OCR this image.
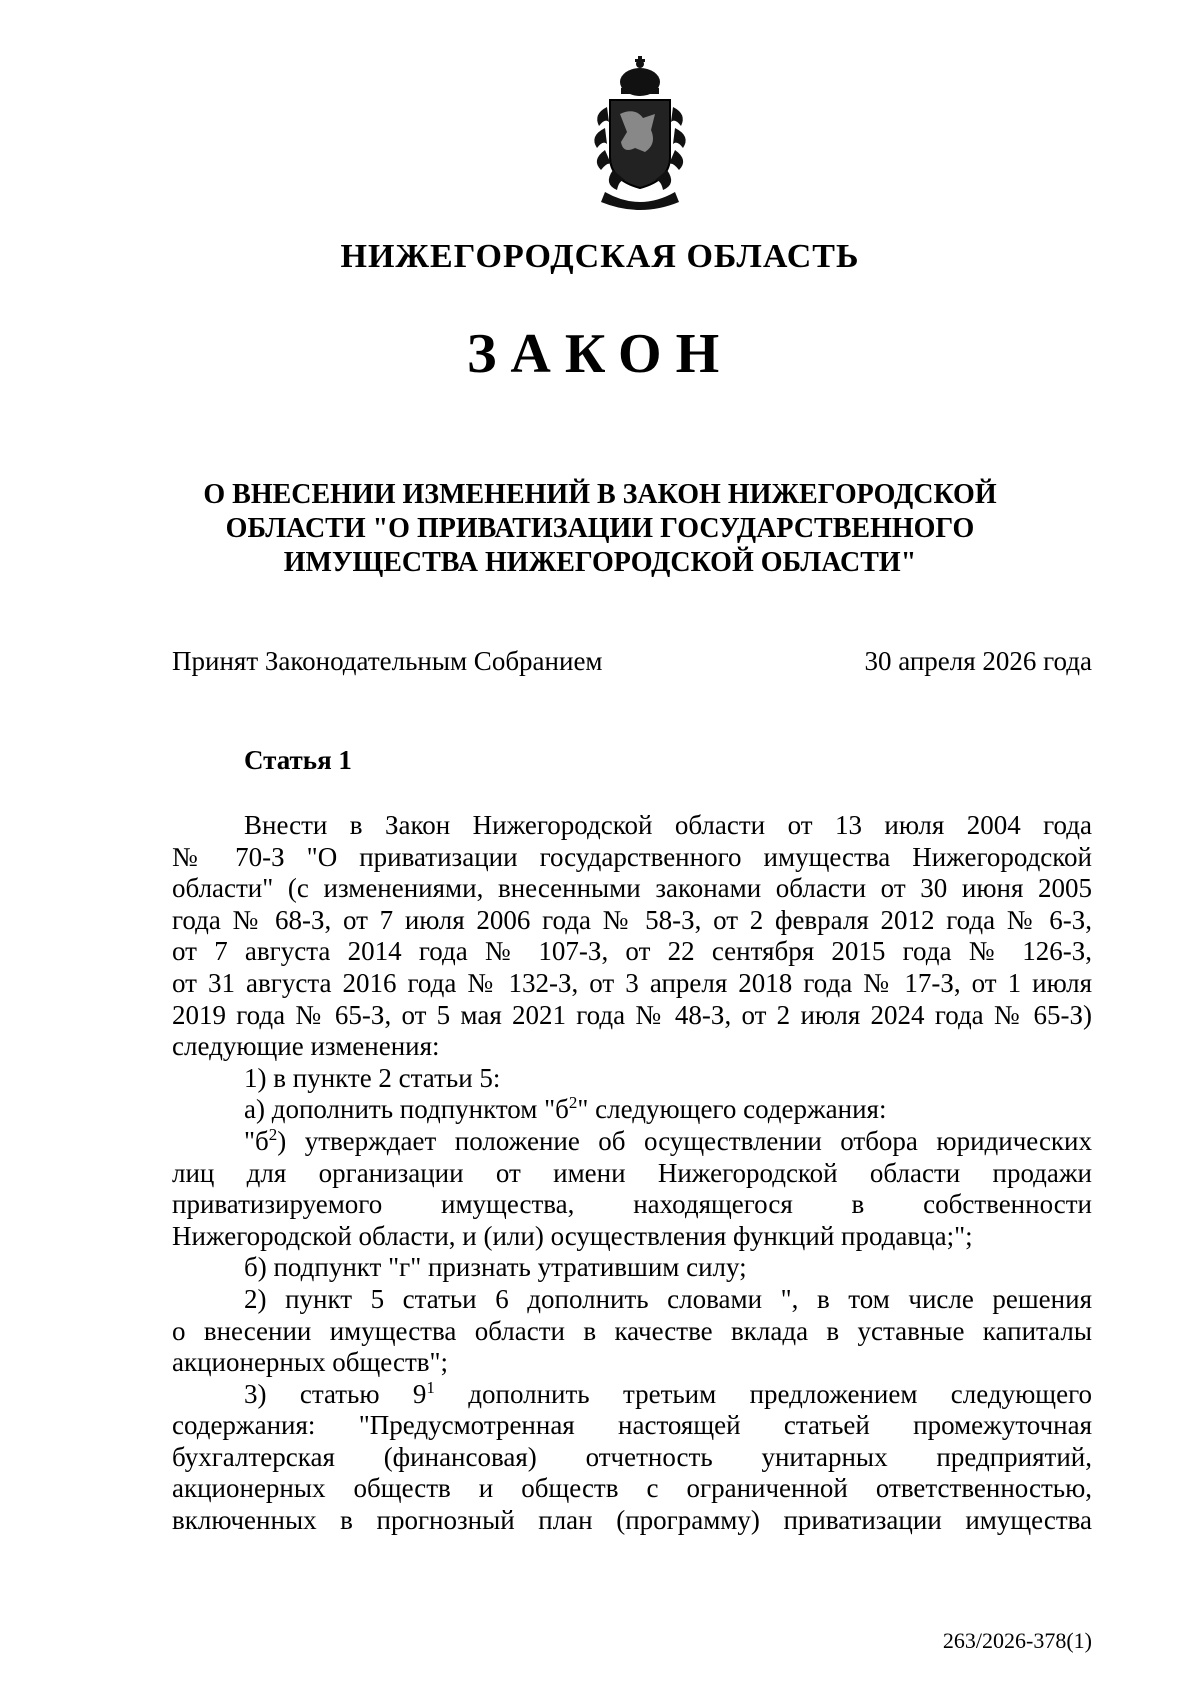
НИЖЕГОРОДСКАЯ ОБЛАСТЬ
ЗАКОН
О ВНЕСЕНИИ ИЗМЕНЕНИЙ В ЗАКОН НИЖЕГОРОДСКОЙ
ОБЛАСТИ "О ПРИВАТИЗАЦИИ ГОСУДАРСТВЕННОГО
ИМУЩЕСТВА НИЖЕГОРОДСКОЙ ОБЛАСТИ"
Принят Законодательным Собранием	30 апреля 2026 года
Статья 1
Внести в Закон Нижегородской области от 13 июля 2004 года
№ 70-З "О приватизации государственного имущества Нижегородской
области" (с изменениями, внесенными законами области от 30 июня 2005
года № 68-З, от 7 июля 2006 года № 58-З, от 2 февраля 2012 года № 6-З,
от 7 августа 2014 года № 107-З, от 22 сентября 2015 года № 126-З,
от 31 августа 2016 года № 132-З, от 3 апреля 2018 года № 17-З, от 1 июля
2019 года № 65-З, от 5 мая 2021 года № 48-З, от 2 июля 2024 года № 65-З)
следующие изменения:
1) в пункте 2 статьи 5:
а) дополнить подпунктом "$б^2$" следующего содержания:
"$б^2$) утверждает положение об осуществлении отбора юридических
лиц для организации от имени Нижегородской области продажи
приватизируемого имущества, находящегося в собственности
Нижегородской области, и (или) осуществления функций продавца;";
б) подпункт "г" признать утратившим силу;
2) пункт 5 статьи 6 дополнить словами ", в том числе решения
о внесении имущества области в качестве вклада в уставные капиталы
акционерных обществ";
3) статью $9^1$ дополнить третьим предложением следующего
содержания: "Предусмотренная настоящей статьей промежуточная
бухгалтерская (финансовая) отчетность унитарных предприятий,
акционерных обществ и обществ с ограниченной ответственностью,
включенных в прогнозный план (программу) приватизации имущества
263/2026-378(1)
